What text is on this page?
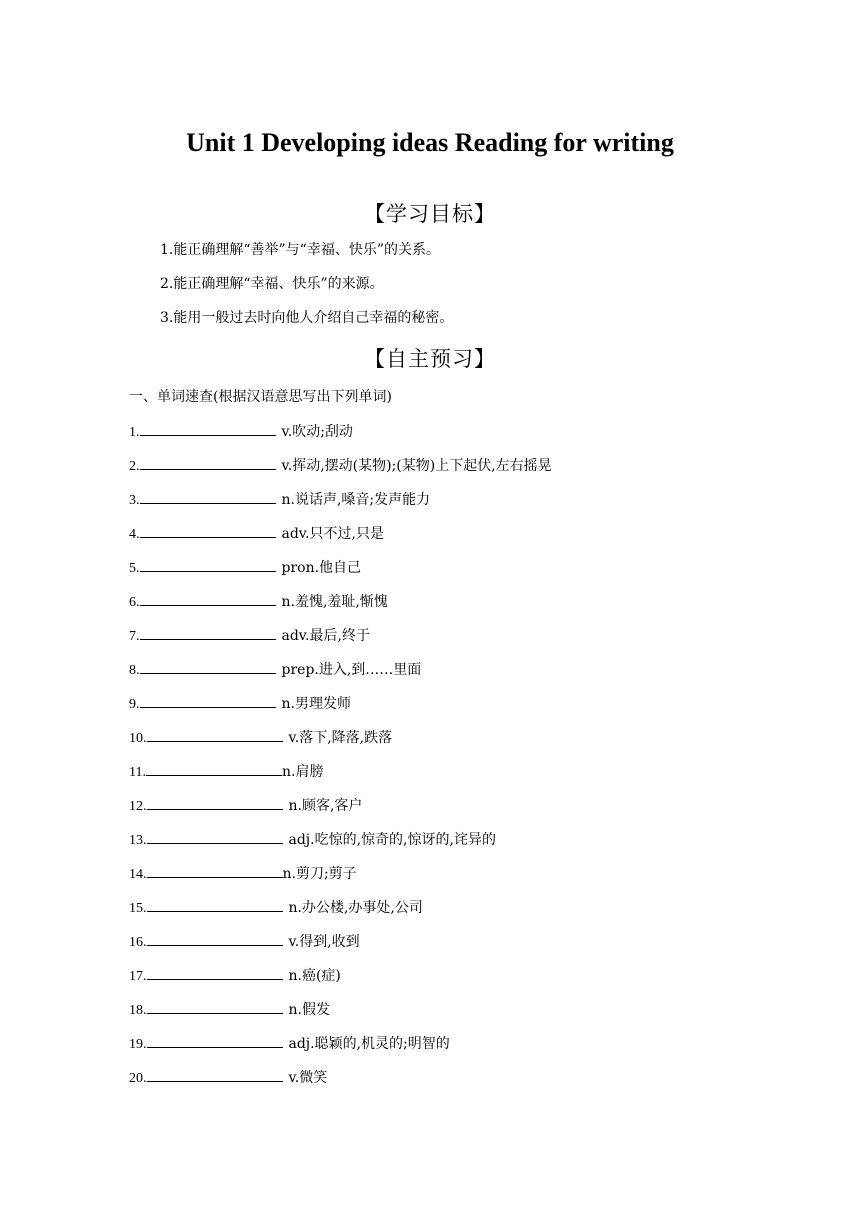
Unit 1 Developing ideas Reading for writing
【学习目标】
1.能正确理解“善举”与“幸福、快乐”的关系。
2.能正确理解“幸福、快乐”的来源。
3.能用一般过去时向他人介绍自己幸福的秘密。
【自主预习】
一、单词速查(根据汉语意思写出下列单词)
1.	v.吹动;刮动
2.	v.挥动,摆动(某物);(某物)上下起伏,左右摇晃
3.	n.说话声,嗓音;发声能力
4.	adv.只不过,只是
5.	pron.他自己
6.	n.羞愧,羞耻,惭愧
7.	adv.最后,终于
8.	prep.进入,到……里面
9.	n.男理发师
10.	v.落下,降落,跌落
11.	n.肩膀
12.	n.顾客,客户
13.	adj.吃惊的,惊奇的,惊讶的,诧异的
14.	n.剪刀;剪子
15.	n.办公楼,办事处,公司
16.	v.得到,收到
17.	n.癌(症)
18.	n.假发
19.	adj.聪颖的,机灵的;明智的
20.	v.微笑
